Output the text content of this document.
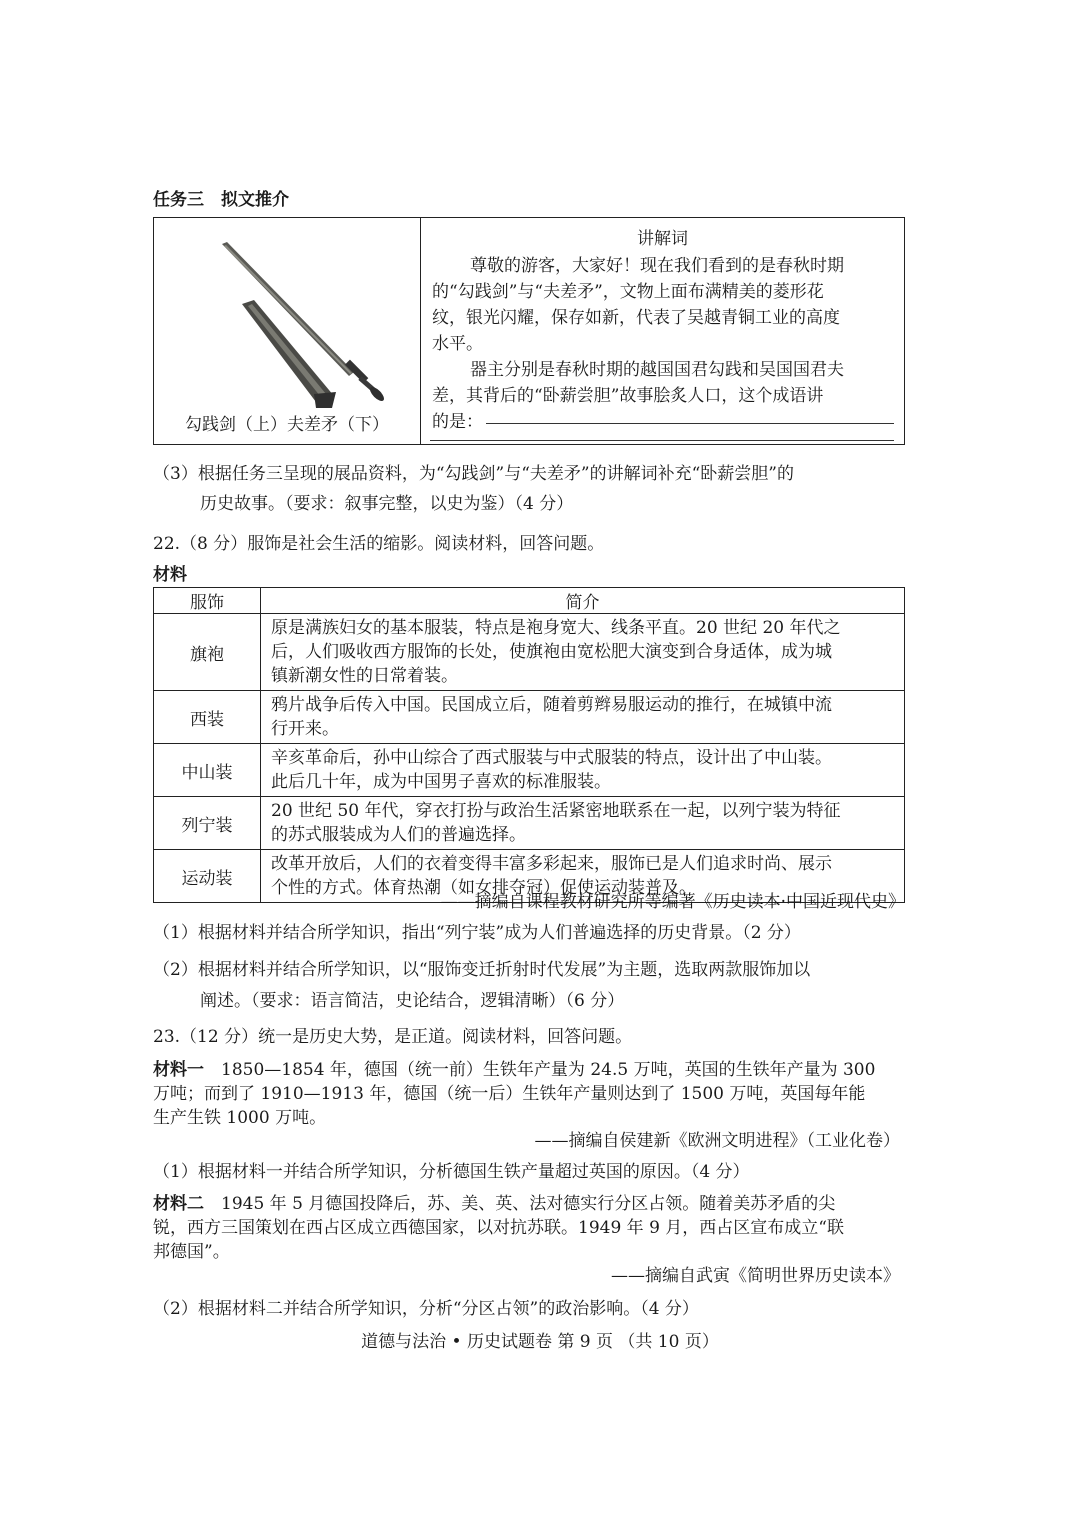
任务三　拟文推介
勾践剑（上）夫差矛（下）
讲解词
尊敬的游客，大家好！现在我们看到的是春秋时期
的“勾践剑”与“夫差矛”，文物上面布满精美的菱形花
纹，银光闪耀，保存如新，代表了吴越青铜工业的高度
水平。
器主分别是春秋时期的越国国君勾践和吴国国君夫
差，其背后的“卧薪尝胆”故事脍炙人口，这个成语讲
的是：
（3）根据任务三呈现的展品资料，为“勾践剑”与“夫差矛”的讲解词补充“卧薪尝胆”的
历史故事。（要求：叙事完整，以史为鉴）（4 分）
22.（8 分）服饰是社会生活的缩影。阅读材料，回答问题。
材料
服饰	简介
旗袍	原是满族妇女的基本服装，特点是袍身宽大、线条平直。20 世纪 20 年代之
后，人们吸收西方服饰的长处，使旗袍由宽松肥大演变到合身适体，成为城
镇新潮女性的日常着装。

西装	鸦片战争后传入中国。民国成立后，随着剪辫易服运动的推行，在城镇中流
行开来。

中山装	辛亥革命后，孙中山综合了西式服装与中式服装的特点，设计出了中山装。
此后几十年，成为中国男子喜欢的标准服装。

列宁装	20 世纪 50 年代，穿衣打扮与政治生活紧密地联系在一起，以列宁装为特征
的苏式服装成为人们的普遍选择。

运动装	改革开放后，人们的衣着变得丰富多彩起来，服饰已是人们追求时尚、展示
个性的方式。体育热潮（如女排夺冠）促使运动装普及。
——摘编自课程教材研究所等编著《历史读本·中国近现代史》
（1）根据材料并结合所学知识，指出“列宁装”成为人们普遍选择的历史背景。（2 分）
（2）根据材料并结合所学知识，以“服饰变迁折射时代发展”为主题，选取两款服饰加以
阐述。（要求：语言简洁，史论结合，逻辑清晰）（6 分）
23.（12 分）统一是历史大势，是正道。阅读材料，回答问题。
材料一　1850—1854 年，德国（统一前）生铁年产量为 24.5 万吨，英国的生铁年产量为 300
万吨；而到了 1910—1913 年，德国（统一后）生铁年产量则达到了 1500 万吨，英国每年能
生产生铁 1000 万吨。
——摘编自侯建新《欧洲文明进程》（工业化卷）
（1）根据材料一并结合所学知识，分析德国生铁产量超过英国的原因。（4 分）
材料二　1945 年 5 月德国投降后，苏、美、英、法对德实行分区占领。随着美苏矛盾的尖
锐，西方三国策划在西占区成立西德国家，以对抗苏联。1949 年 9 月，西占区宣布成立“联
邦德国”。
——摘编自武寅《简明世界历史读本》
（2）根据材料二并结合所学知识，分析“分区占领”的政治影响。（4 分）
道德与法治 • 历史试题卷 第 9 页 （共 10 页）
